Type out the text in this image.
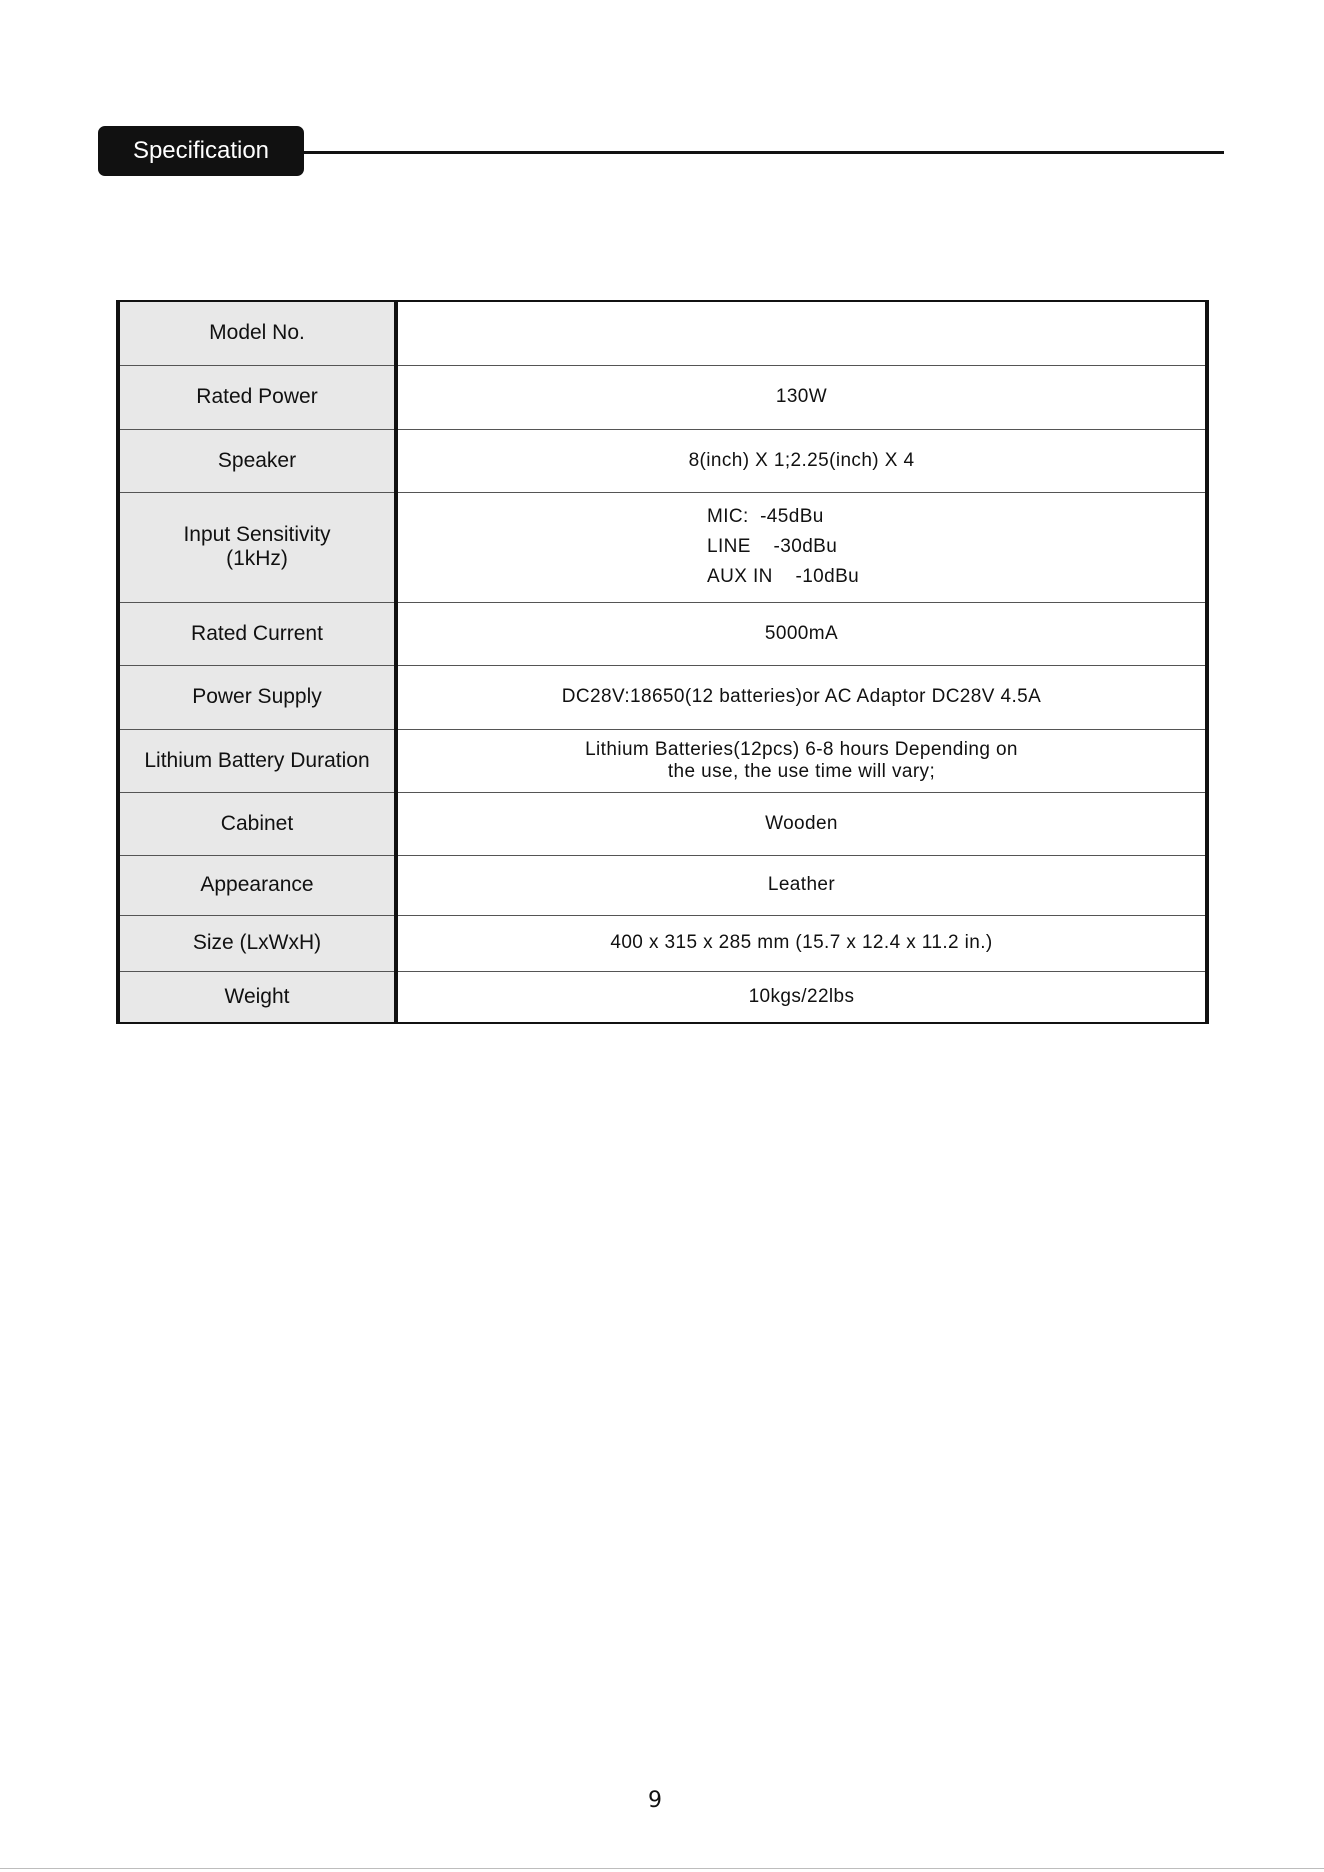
Specification
Model No.	

Rated Power	130W

Speaker	8(inch) X 1;2.25(inch) X 4

Input Sensitivity
(1kHz)	MIC:  -45dBu
LINE    -30dBu
AUX IN    -10dBu

Rated Current	5000mA

Power Supply	DC28V:18650(12 batteries)or AC Adaptor DC28V 4.5A

Lithium Battery Duration	Lithium Batteries(12pcs) 6-8 hours Depending on
the use, the use time will vary;

Cabinet	Wooden

Appearance	Leather

Size (LxWxH)	400 x 315 x 285 mm (15.7 x 12.4 x 11.2 in.)

Weight	10kgs/22lbs
9
